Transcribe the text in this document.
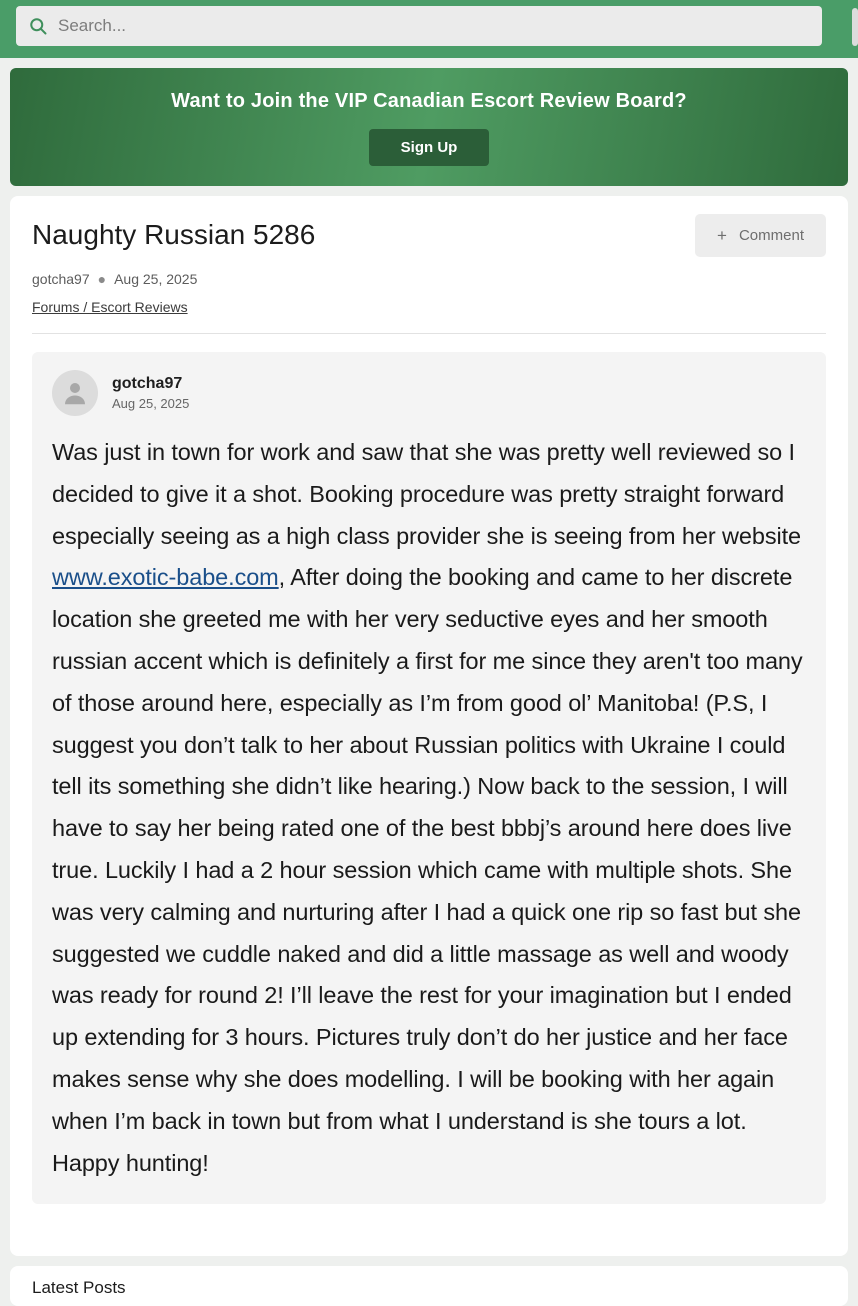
Search...
Want to Join the VIP Canadian Escort Review Board?
Sign Up
Naughty Russian 5286	+ Comment
gotcha97 ● Aug 25, 2025
Forums / Escort Reviews
gotcha97
Aug 25, 2025
Was just in town for work and saw that she was pretty well reviewed so I decided to give it a shot. Booking procedure was pretty straight forward especially seeing as a high class provider she is seeing from her website www.exotic-babe.com, After doing the booking and came to her discrete location she greeted me with her very seductive eyes and her smooth russian accent which is definitely a first for me since they aren't too many of those around here, especially as I’m from good ol’ Manitoba! (P.S, I suggest you don’t talk to her about Russian politics with Ukraine I could tell its something she didn’t like hearing.) Now back to the session, I will have to say her being rated one of the best bbbj’s around here does live true. Luckily I had a 2 hour session which came with multiple shots. She was very calming and nurturing after I had a quick one rip so fast but she suggested we cuddle naked and did a little massage as well and woody was ready for round 2! I’ll leave the rest for your imagination but I ended up extending for 3 hours. Pictures truly don’t do her justice and her face makes sense why she does modelling. I will be booking with her again when I’m back in town but from what I understand is she tours a lot. Happy hunting!
Latest Posts
